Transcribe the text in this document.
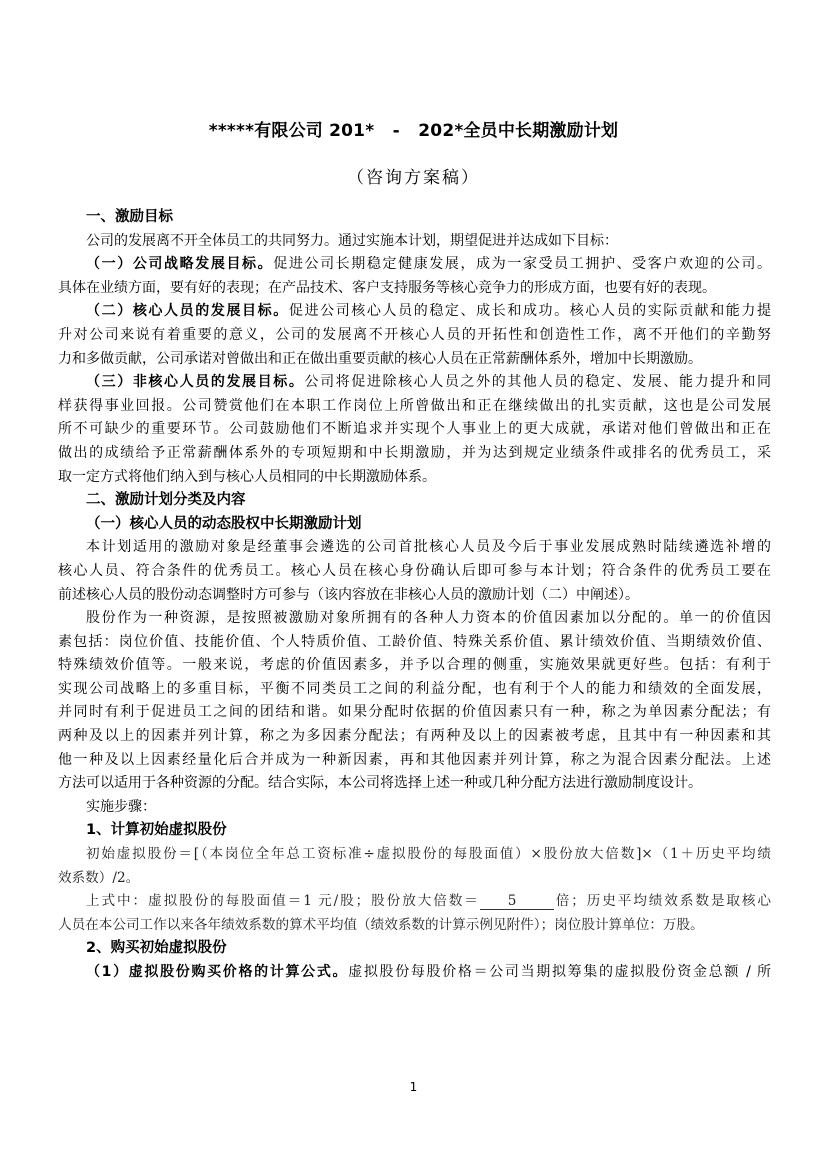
*****有限公司 201*   -   202*全员中长期激励计划
（咨询方案稿）

一、激励目标

公司的发展离不开全体员工的共同努力。通过实施本计划，期望促进并达成如下目标：

（一）公司战略发展目标。促进公司长期稳定健康发展，成为一家受员工拥护、受客户欢迎的公司。

具体在业绩方面，要有好的表现；在产品技术、客户支持服务等核心竞争力的形成方面，也要有好的表现。

（二）核心人员的发展目标。促进公司核心人员的稳定、成长和成功。核心人员的实际贡献和能力提

升对公司来说有着重要的意义，公司的发展离不开核心人员的开拓性和创造性工作，离不开他们的辛勤努

力和多做贡献，公司承诺对曾做出和正在做出重要贡献的核心人员在正常薪酬体系外，增加中长期激励。

（三）非核心人员的发展目标。公司将促进除核心人员之外的其他人员的稳定、发展、能力提升和同

样获得事业回报。公司赞赏他们在本职工作岗位上所曾做出和正在继续做出的扎实贡献，这也是公司发展

所不可缺少的重要环节。公司鼓励他们不断追求并实现个人事业上的更大成就，承诺对他们曾做出和正在

做出的成绩给予正常薪酬体系外的专项短期和中长期激励，并为达到规定业绩条件或排名的优秀员工，采

取一定方式将他们纳入到与核心人员相同的中长期激励体系。

二、激励计划分类及内容

（一）核心人员的动态股权中长期激励计划

本计划适用的激励对象是经董事会遴选的公司首批核心人员及今后于事业发展成熟时陆续遴选补增的

核心人员、符合条件的优秀员工。核心人员在核心身份确认后即可参与本计划；符合条件的优秀员工要在

前述核心人员的股份动态调整时方可参与（该内容放在非核心人员的激励计划（二）中阐述）。

股份作为一种资源，是按照被激励对象所拥有的各种人力资本的价值因素加以分配的。单一的价值因

素包括：岗位价值、技能价值、个人特质价值、工龄价值、特殊关系价值、累计绩效价值、当期绩效价值、

特殊绩效价值等。一般来说，考虑的价值因素多，并予以合理的侧重，实施效果就更好些。包括：有利于

实现公司战略上的多重目标，平衡不同类员工之间的利益分配，也有利于个人的能力和绩效的全面发展，

并同时有利于促进员工之间的团结和谐。如果分配时依据的价值因素只有一种，称之为单因素分配法；有

两种及以上的因素并列计算，称之为多因素分配法；有两种及以上的因素被考虑，且其中有一种因素和其

他一种及以上因素经量化后合并成为一种新因素，再和其他因素并列计算，称之为混合因素分配法。上述

方法可以适用于各种资源的分配。结合实际，本公司将选择上述一种或几种分配方法进行激励制度设计。

实施步骤：

1、计算初始虚拟股份

初始虚拟股份＝[（本岗位全年总工资标准÷虚拟股份的每股面值）×股份放大倍数]×（1＋历史平均绩

效系数）/2。

上式中：虚拟股份的每股面值＝1 元/股；股份放大倍数＝ 5	倍；历史平均绩效系数是取核心

人员在本公司工作以来各年绩效系数的算术平均值（绩效系数的计算示例见附件）；岗位股计算单位：万股。

2、购买初始虚拟股份

（1）虚拟股份购买价格的计算公式。虚拟股份每股价格＝公司当期拟筹集的虚拟股份资金总额 / 所

1
